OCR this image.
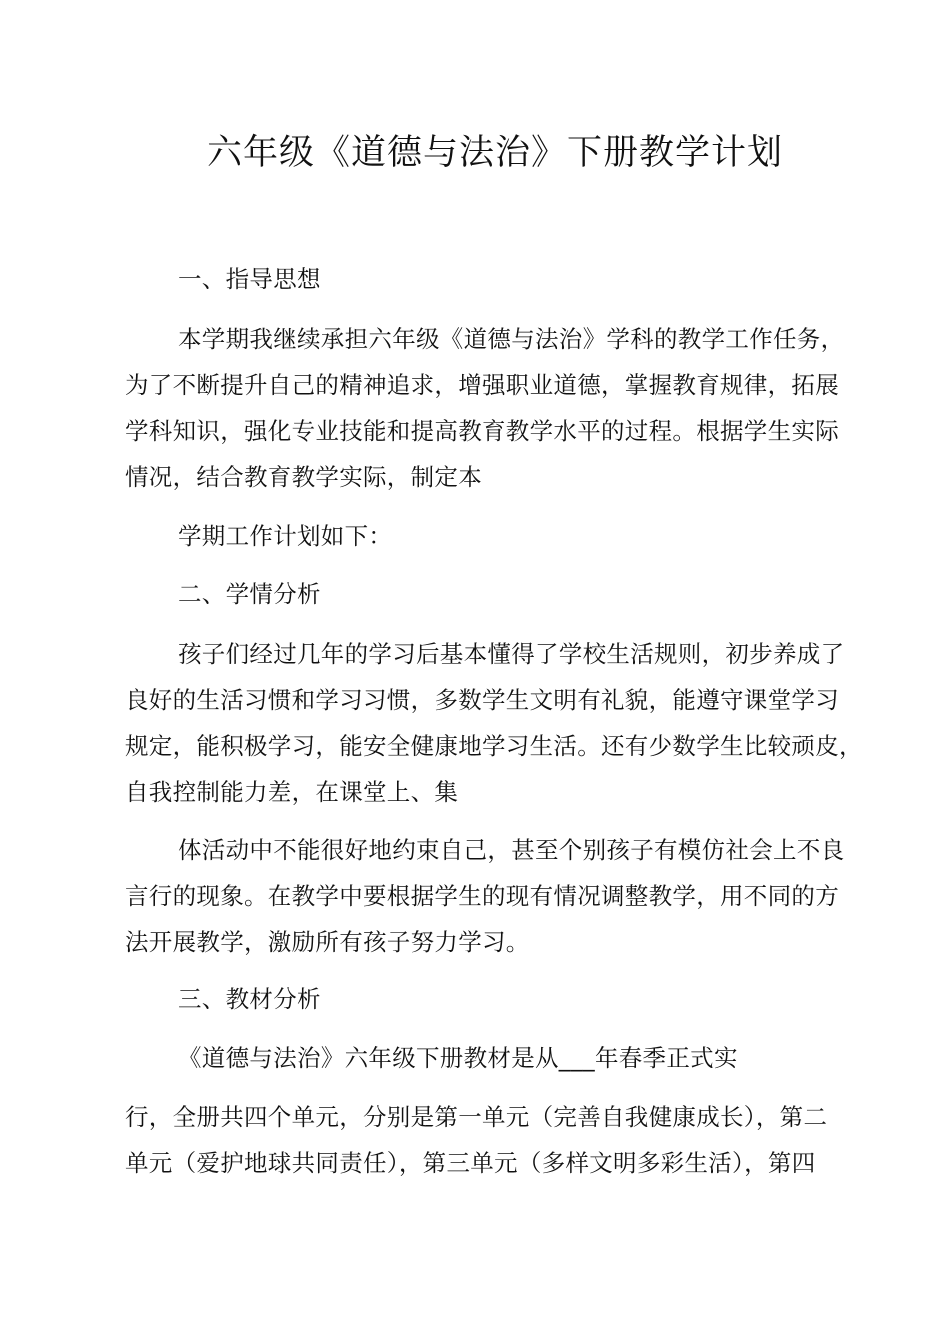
六年级《道德与法治》下册教学计划
一、指导思想
本学期我继续承担六年级《道德与法治》学科的教学工作任务，
为了不断提升自己的精神追求，增强职业道德，掌握教育规律，拓展
学科知识，强化专业技能和提高教育教学水平的过程。根据学生实际
情况，结合教育教学实际，制定本
学期工作计划如下：
二、学情分析
孩子们经过几年的学习后基本懂得了学校生活规则，初步养成了
良好的生活习惯和学习习惯，多数学生文明有礼貌，能遵守课堂学习
规定，能积极学习，能安全健康地学习生活。还有少数学生比较顽皮，
自我控制能力差，在课堂上、集
体活动中不能很好地约束自己，甚至个别孩子有模仿社会上不良
言行的现象。在教学中要根据学生的现有情况调整教学，用不同的方
法开展教学，激励所有孩子努力学习。
三、教材分析
《道德与法治》六年级下册教材是从___年春季正式实
行，全册共四个单元，分别是第一单元（完善自我健康成长），第二
单元（爱护地球共同责任），第三单元（多样文明多彩生活），第四
